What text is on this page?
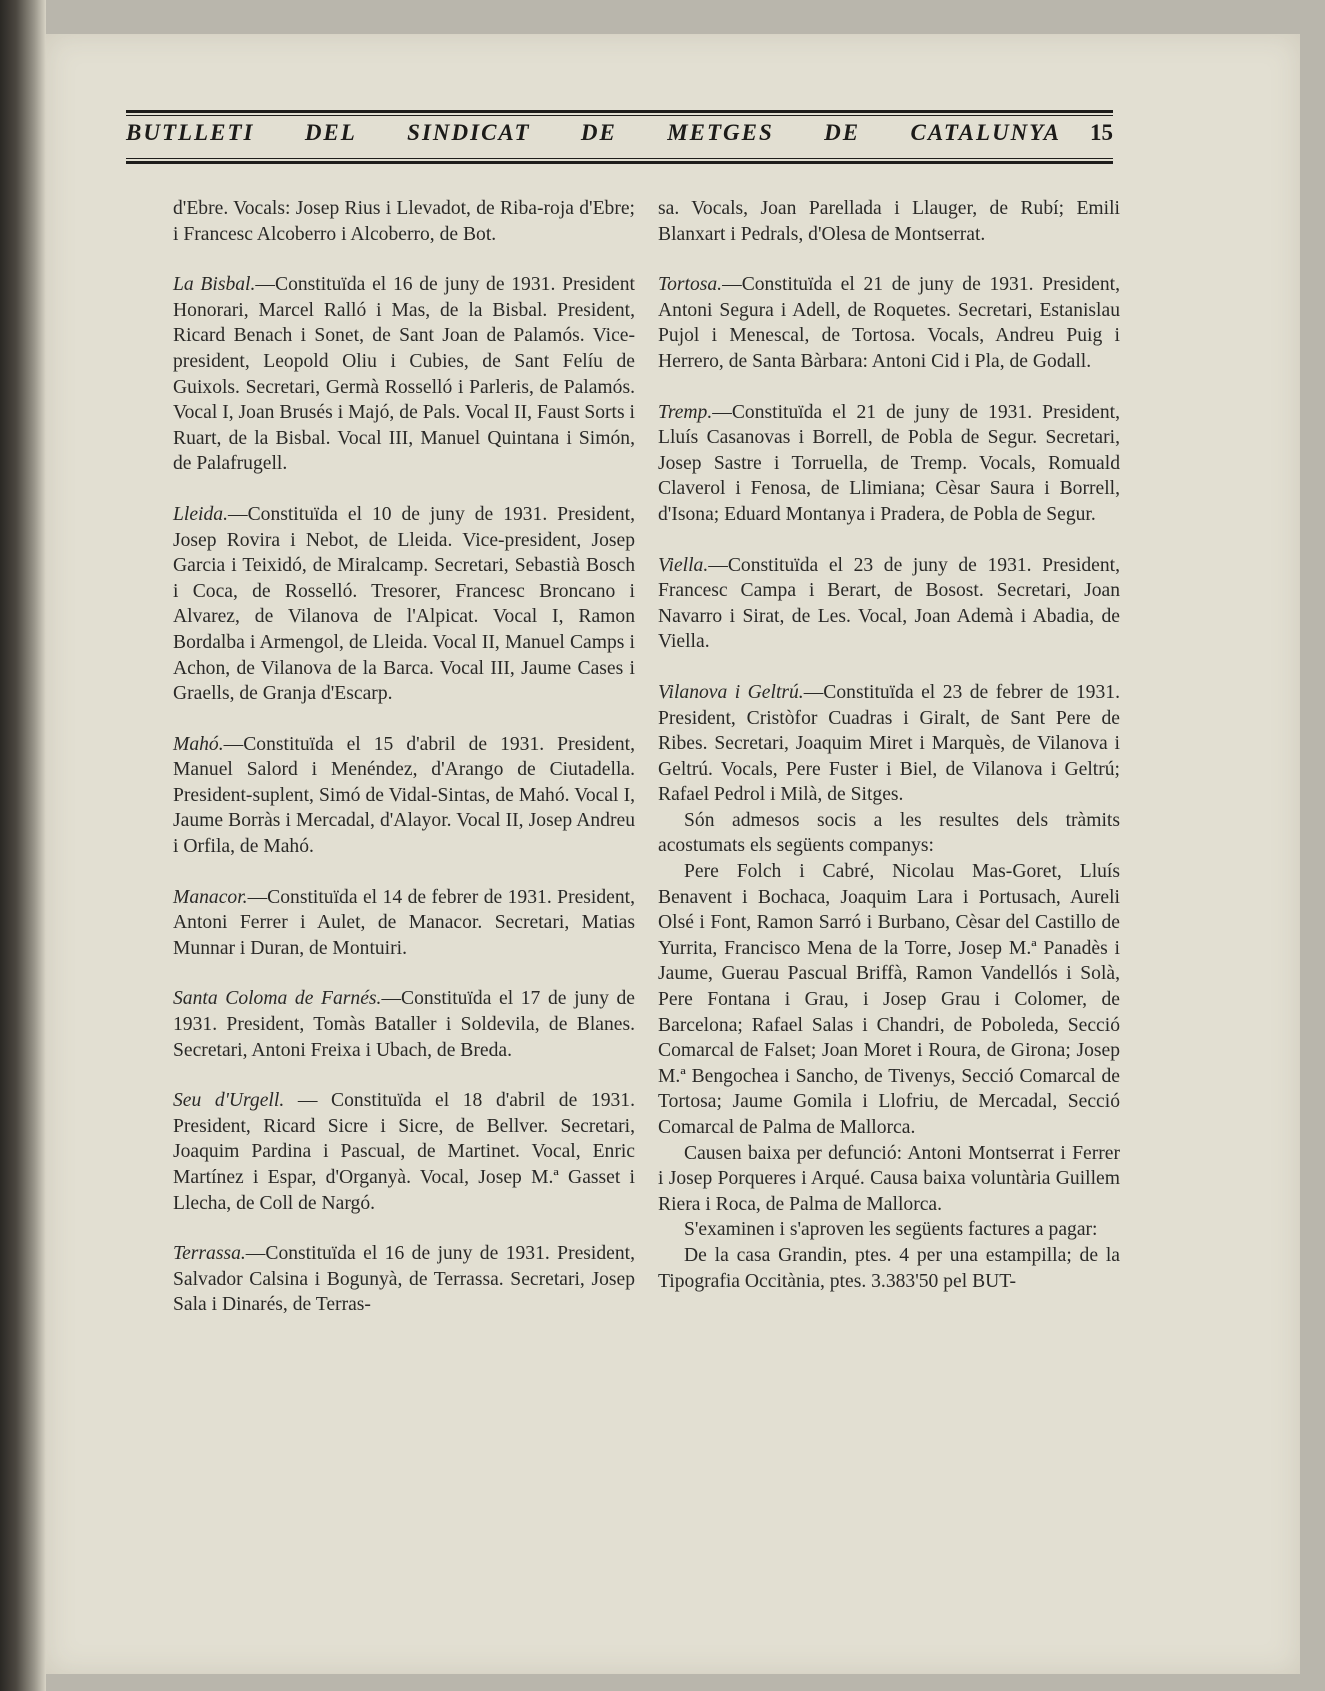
BUTLLETI DEL SINDICAT DE METGES DE CATALUNYA 15

d'Ebre. Vocals: Josep Rius i Llevadot, de Riba-roja d'Ebre; i Francesc Alcoberro i Alcoberro, de Bot.

La Bisbal.—Constituïda el 16 de juny de 1931. President Honorari, Marcel Ralló i Mas, de la Bisbal. President, Ricard Benach i Sonet, de Sant Joan de Palamós. Vice-president, Leopold Oliu i Cubies, de Sant Felíu de Guixols. Secretari, Germà Rosselló i Parleris, de Palamós. Vocal I, Joan Brusés i Majó, de Pals. Vocal II, Faust Sorts i Ruart, de la Bisbal. Vocal III, Manuel Quintana i Simón, de Palafrugell.

Lleida.—Constituïda el 10 de juny de 1931. President, Josep Rovira i Nebot, de Lleida. Vice-president, Josep Garcia i Teixidó, de Miralcamp. Secretari, Sebastià Bosch i Coca, de Rosselló. Tresorer, Francesc Broncano i Alvarez, de Vilanova de l'Alpicat. Vocal I, Ramon Bordalba i Armengol, de Lleida. Vocal II, Manuel Camps i Achon, de Vilanova de la Barca. Vocal III, Jaume Cases i Graells, de Granja d'Escarp.

Mahó.—Constituïda el 15 d'abril de 1931. President, Manuel Salord i Menéndez, d'Arango de Ciutadella. President-suplent, Simó de Vidal-Sintas, de Mahó. Vocal I, Jaume Borràs i Mercadal, d'Alayor. Vocal II, Josep Andreu i Orfila, de Mahó.

Manacor.—Constituïda el 14 de febrer de 1931. President, Antoni Ferrer i Aulet, de Manacor. Secretari, Matias Munnar i Duran, de Montuiri.

Santa Coloma de Farnés.—Constituïda el 17 de juny de 1931. President, Tomàs Bataller i Soldevila, de Blanes. Secretari, Antoni Freixa i Ubach, de Breda.

Seu d'Urgell. — Constituïda el 18 d'abril de 1931. President, Ricard Sicre i Sicre, de Bellver. Secretari, Joaquim Pardina i Pascual, de Martinet. Vocal, Enric Martínez i Espar, d'Organyà. Vocal, Josep M.ª Gasset i Llecha, de Coll de Nargó.

Terrassa.—Constituïda el 16 de juny de 1931. President, Salvador Calsina i Bogunyà, de Terrassa. Secretari, Josep Sala i Dinarés, de Terras-

sa. Vocals, Joan Parellada i Llauger, de Rubí; Emili Blanxart i Pedrals, d'Olesa de Montserrat.

Tortosa.—Constituïda el 21 de juny de 1931. President, Antoni Segura i Adell, de Roquetes. Secretari, Estanislau Pujol i Menescal, de Tortosa. Vocals, Andreu Puig i Herrero, de Santa Bàrbara: Antoni Cid i Pla, de Godall.

Tremp.—Constituïda el 21 de juny de 1931. President, Lluís Casanovas i Borrell, de Pobla de Segur. Secretari, Josep Sastre i Torruella, de Tremp. Vocals, Romuald Claverol i Fenosa, de Llimiana; Cèsar Saura i Borrell, d'Isona; Eduard Montanya i Pradera, de Pobla de Segur.

Viella.—Constituïda el 23 de juny de 1931. President, Francesc Campa i Berart, de Bosost. Secretari, Joan Navarro i Sirat, de Les. Vocal, Joan Ademà i Abadia, de Viella.

Vilanova i Geltrú.—Constituïda el 23 de febrer de 1931. President, Cristòfor Cuadras i Giralt, de Sant Pere de Ribes. Secretari, Joaquim Miret i Marquès, de Vilanova i Geltrú. Vocals, Pere Fuster i Biel, de Vilanova i Geltrú; Rafael Pedrol i Milà, de Sitges.

Són admesos socis a les resultes dels tràmits acostumats els següents companys:

Pere Folch i Cabré, Nicolau Mas-Goret, Lluís Benavent i Bochaca, Joaquim Lara i Portusach, Aureli Olsé i Font, Ramon Sarró i Burbano, Cèsar del Castillo de Yurrita, Francisco Mena de la Torre, Josep M.ª Panadès i Jaume, Guerau Pascual Briffà, Ramon Vandellós i Solà, Pere Fontana i Grau, i Josep Grau i Colomer, de Barcelona; Rafael Salas i Chandri, de Poboleda, Secció Comarcal de Falset; Joan Moret i Roura, de Girona; Josep M.ª Bengochea i Sancho, de Tivenys, Secció Comarcal de Tortosa; Jaume Gomila i Llofriu, de Mercadal, Secció Comarcal de Palma de Mallorca.

Causen baixa per defunció: Antoni Montserrat i Ferrer i Josep Porqueres i Arqué. Causa baixa voluntària Guillem Riera i Roca, de Palma de Mallorca.

S'examinen i s'aproven les següents factures a pagar:

De la casa Grandin, ptes. 4 per una estampilla; de la Tipografia Occitània, ptes. 3.383'50 pel BUT-
